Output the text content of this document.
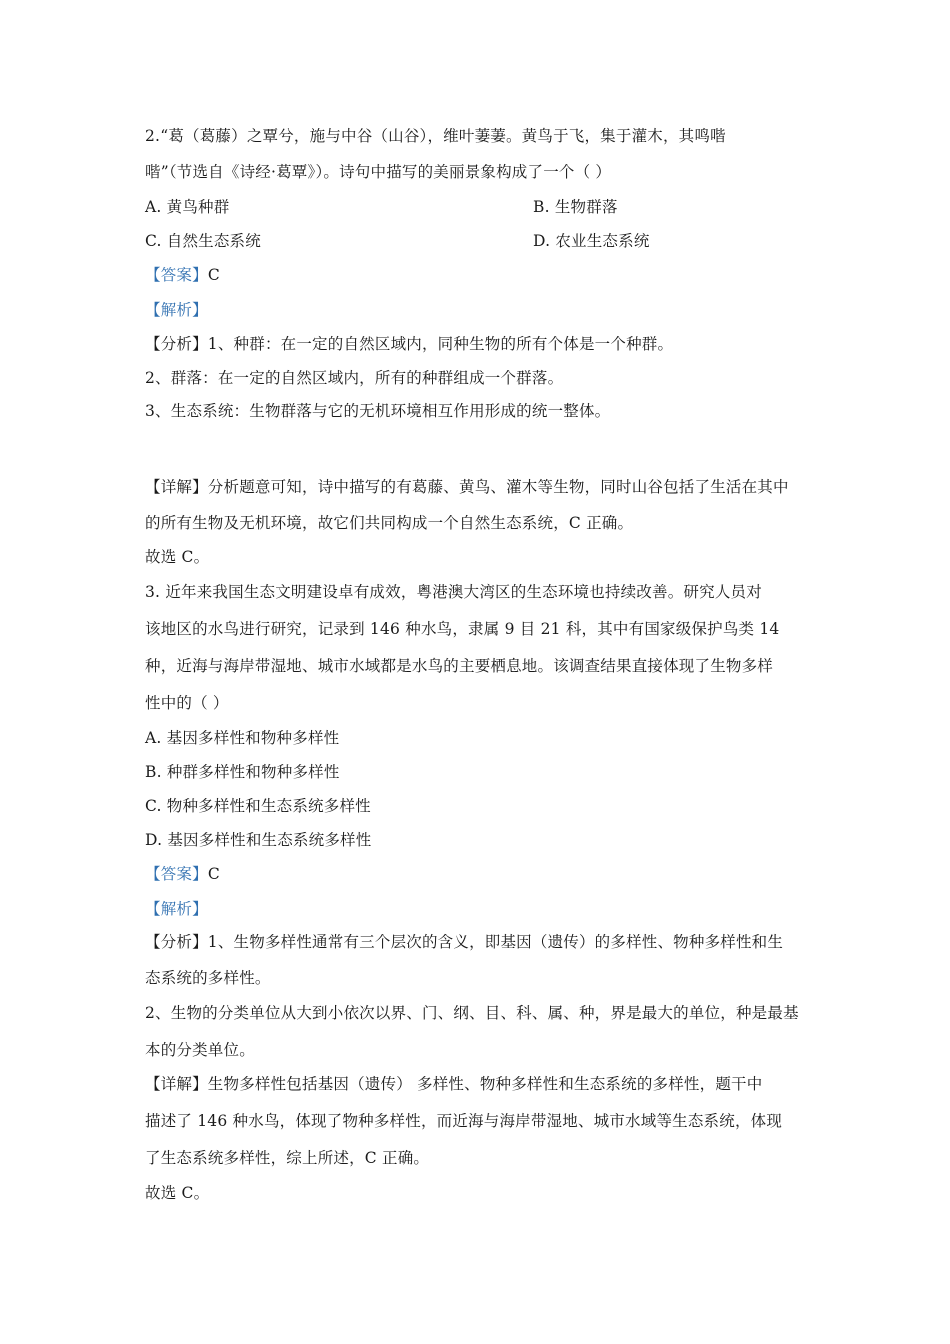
2.“葛（葛藤）之覃兮，施与中谷（山谷），维叶萋萋。黄鸟于飞，集于灌木，其鸣喈
喈”（节选自《诗经·葛覃》）。诗句中描写的美丽景象构成了一个（ ）
A. 黄鸟种群	B. 生物群落
C. 自然生态系统	D. 农业生态系统
【答案】C
【解析】
【分析】1、种群：在一定的自然区域内，同种生物的所有个体是一个种群。
2、群落：在一定的自然区域内，所有的种群组成一个群落。
3、生态系统：生物群落与它的无机环境相互作用形成的统一整体。
【详解】分析题意可知，诗中描写的有葛藤、黄鸟、灌木等生物，同时山谷包括了生活在其中
的所有生物及无机环境，故它们共同构成一个自然生态系统，C 正确。
故选 C。
3. 近年来我国生态文明建设卓有成效，粤港澳大湾区的生态环境也持续改善。研究人员对
该地区的水鸟进行研究，记录到 146 种水鸟，隶属 9 目 21 科，其中有国家级保护鸟类 14
种，近海与海岸带湿地、城市水域都是水鸟的主要栖息地。该调查结果直接体现了生物多样
性中的（ ）
A. 基因多样性和物种多样性
B. 种群多样性和物种多样性
C. 物种多样性和生态系统多样性
D. 基因多样性和生态系统多样性
【答案】C
【解析】
【分析】1、生物多样性通常有三个层次的含义，即基因（遗传）的多样性、物种多样性和生
态系统的多样性。
2、生物的分类单位从大到小依次以界、门、纲、目、科、属、种，界是最大的单位，种是最基
本的分类单位。
【详解】生物多样性包括基因（遗传） 多样性、物种多样性和生态系统的多样性，题干中
描述了 146 种水鸟，体现了物种多样性，而近海与海岸带湿地、城市水域等生态系统，体现
了生态系统多样性，综上所述，C 正确。
故选 C。
